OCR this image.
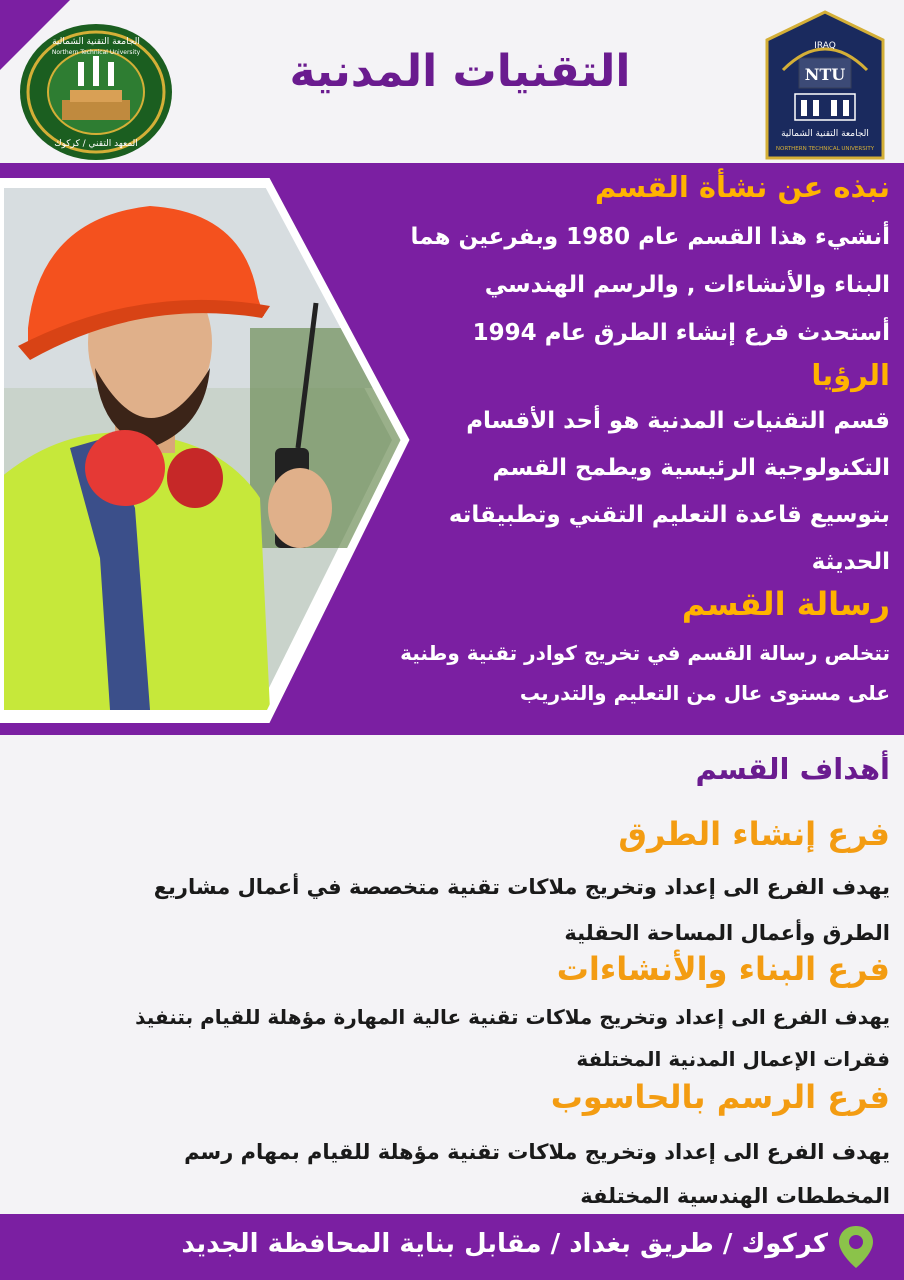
التقنيات المدنية
الجامعة التقنية الشمالية
Northern Technical University
المعهد التقني / كركوك
IRAQ
NTU
الجامعة التقنية الشمالية
NORTHERN TECHNICAL UNIVERSITY
نبذه عن نشأة القسم
أنشيء هذا القسم عام 1980 وبفرعين هما
البناء والأنشاءات , والرسم الهندسي
أستحدث فرع إنشاء الطرق عام 1994
الرؤيا
قسم التقنيات المدنية هو أحد الأقسام
التكنولوجية الرئيسية ويطمح القسم
بتوسيع قاعدة التعليم التقني وتطبيقاته
الحديثة
رسالة القسم
تتخلص رسالة القسم في تخريج كوادر تقنية وطنية
على مستوى عال من التعليم والتدريب
أهداف القسم
فرع إنشاء الطرق
يهدف الفرع الى إعداد وتخريج ملاكات تقنية متخصصة في أعمال مشاريع
الطرق وأعمال المساحة الحقلية
فرع البناء والأنشاءات
يهدف الفرع الى إعداد وتخريج ملاكات تقنية عالية المهارة مؤهلة للقيام بتنفيذ
فقرات الإعمال المدنية المختلفة
فرع الرسم بالحاسوب
يهدف الفرع الى إعداد وتخريج ملاكات تقنية مؤهلة للقيام بمهام رسم
المخططات الهندسية المختلفة
كركوك / طريق بغداد / مقابل بناية المحافظة الجديد
